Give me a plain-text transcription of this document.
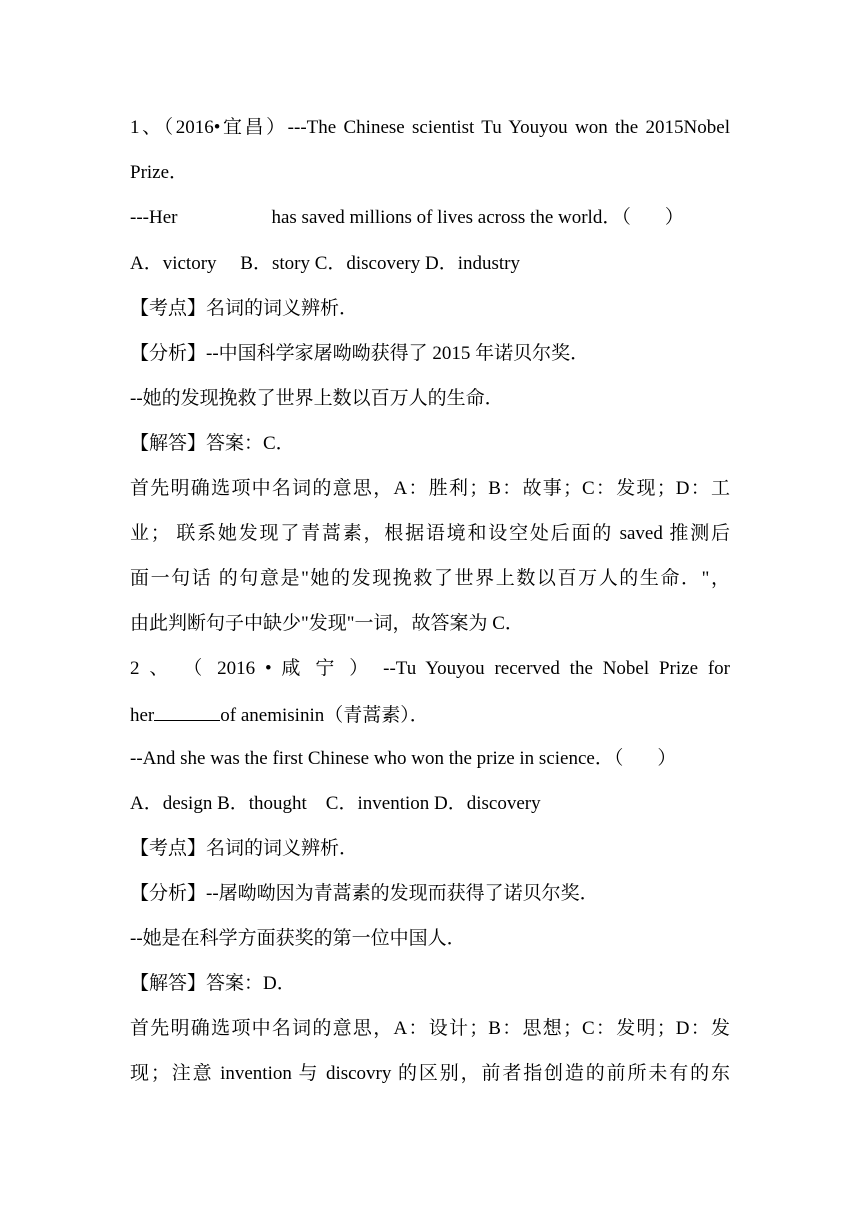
1、（2016•宜昌）---The Chinese scientist Tu Youyou won the 2015Nobel
Prize．
---Her	has saved millions of lives across the world．（ ）
A．victory　 B．story C．discovery D．industry
【考点】名词的词义辨析．
【分析】--中国科学家屠呦呦获得了 2015 年诺贝尔奖．
--她的发现挽救了世界上数以百万人的生命．
【解答】答案：C．
首先明确选项中名词的意思，A：胜利；B：故事；C：发现；D：工
业； 联系她发现了青蒿素，根据语境和设空处后面的 saved 推测后
面一句话 的句意是"她的发现挽救了世界上数以百万人的生命．"，
由此判断句子中缺少"发现"一词，故答案为 C．
2 、 （ 2016 • 咸 宁 ） --Tu Youyou recerved the Nobel Prize for
her	of anemisinin（青蒿素）．
--And she was the first Chinese who won the prize in science．（ ）
A．design B．thought　C．invention D．discovery
【考点】名词的词义辨析．
【分析】--屠呦呦因为青蒿素的发现而获得了诺贝尔奖．
--她是在科学方面获奖的第一位中国人．
【解答】答案：D．
首先明确选项中名词的意思，A：设计；B：思想；C：发明；D：发
现；注意 invention 与 discovry 的区别，前者指创造的前所未有的东
